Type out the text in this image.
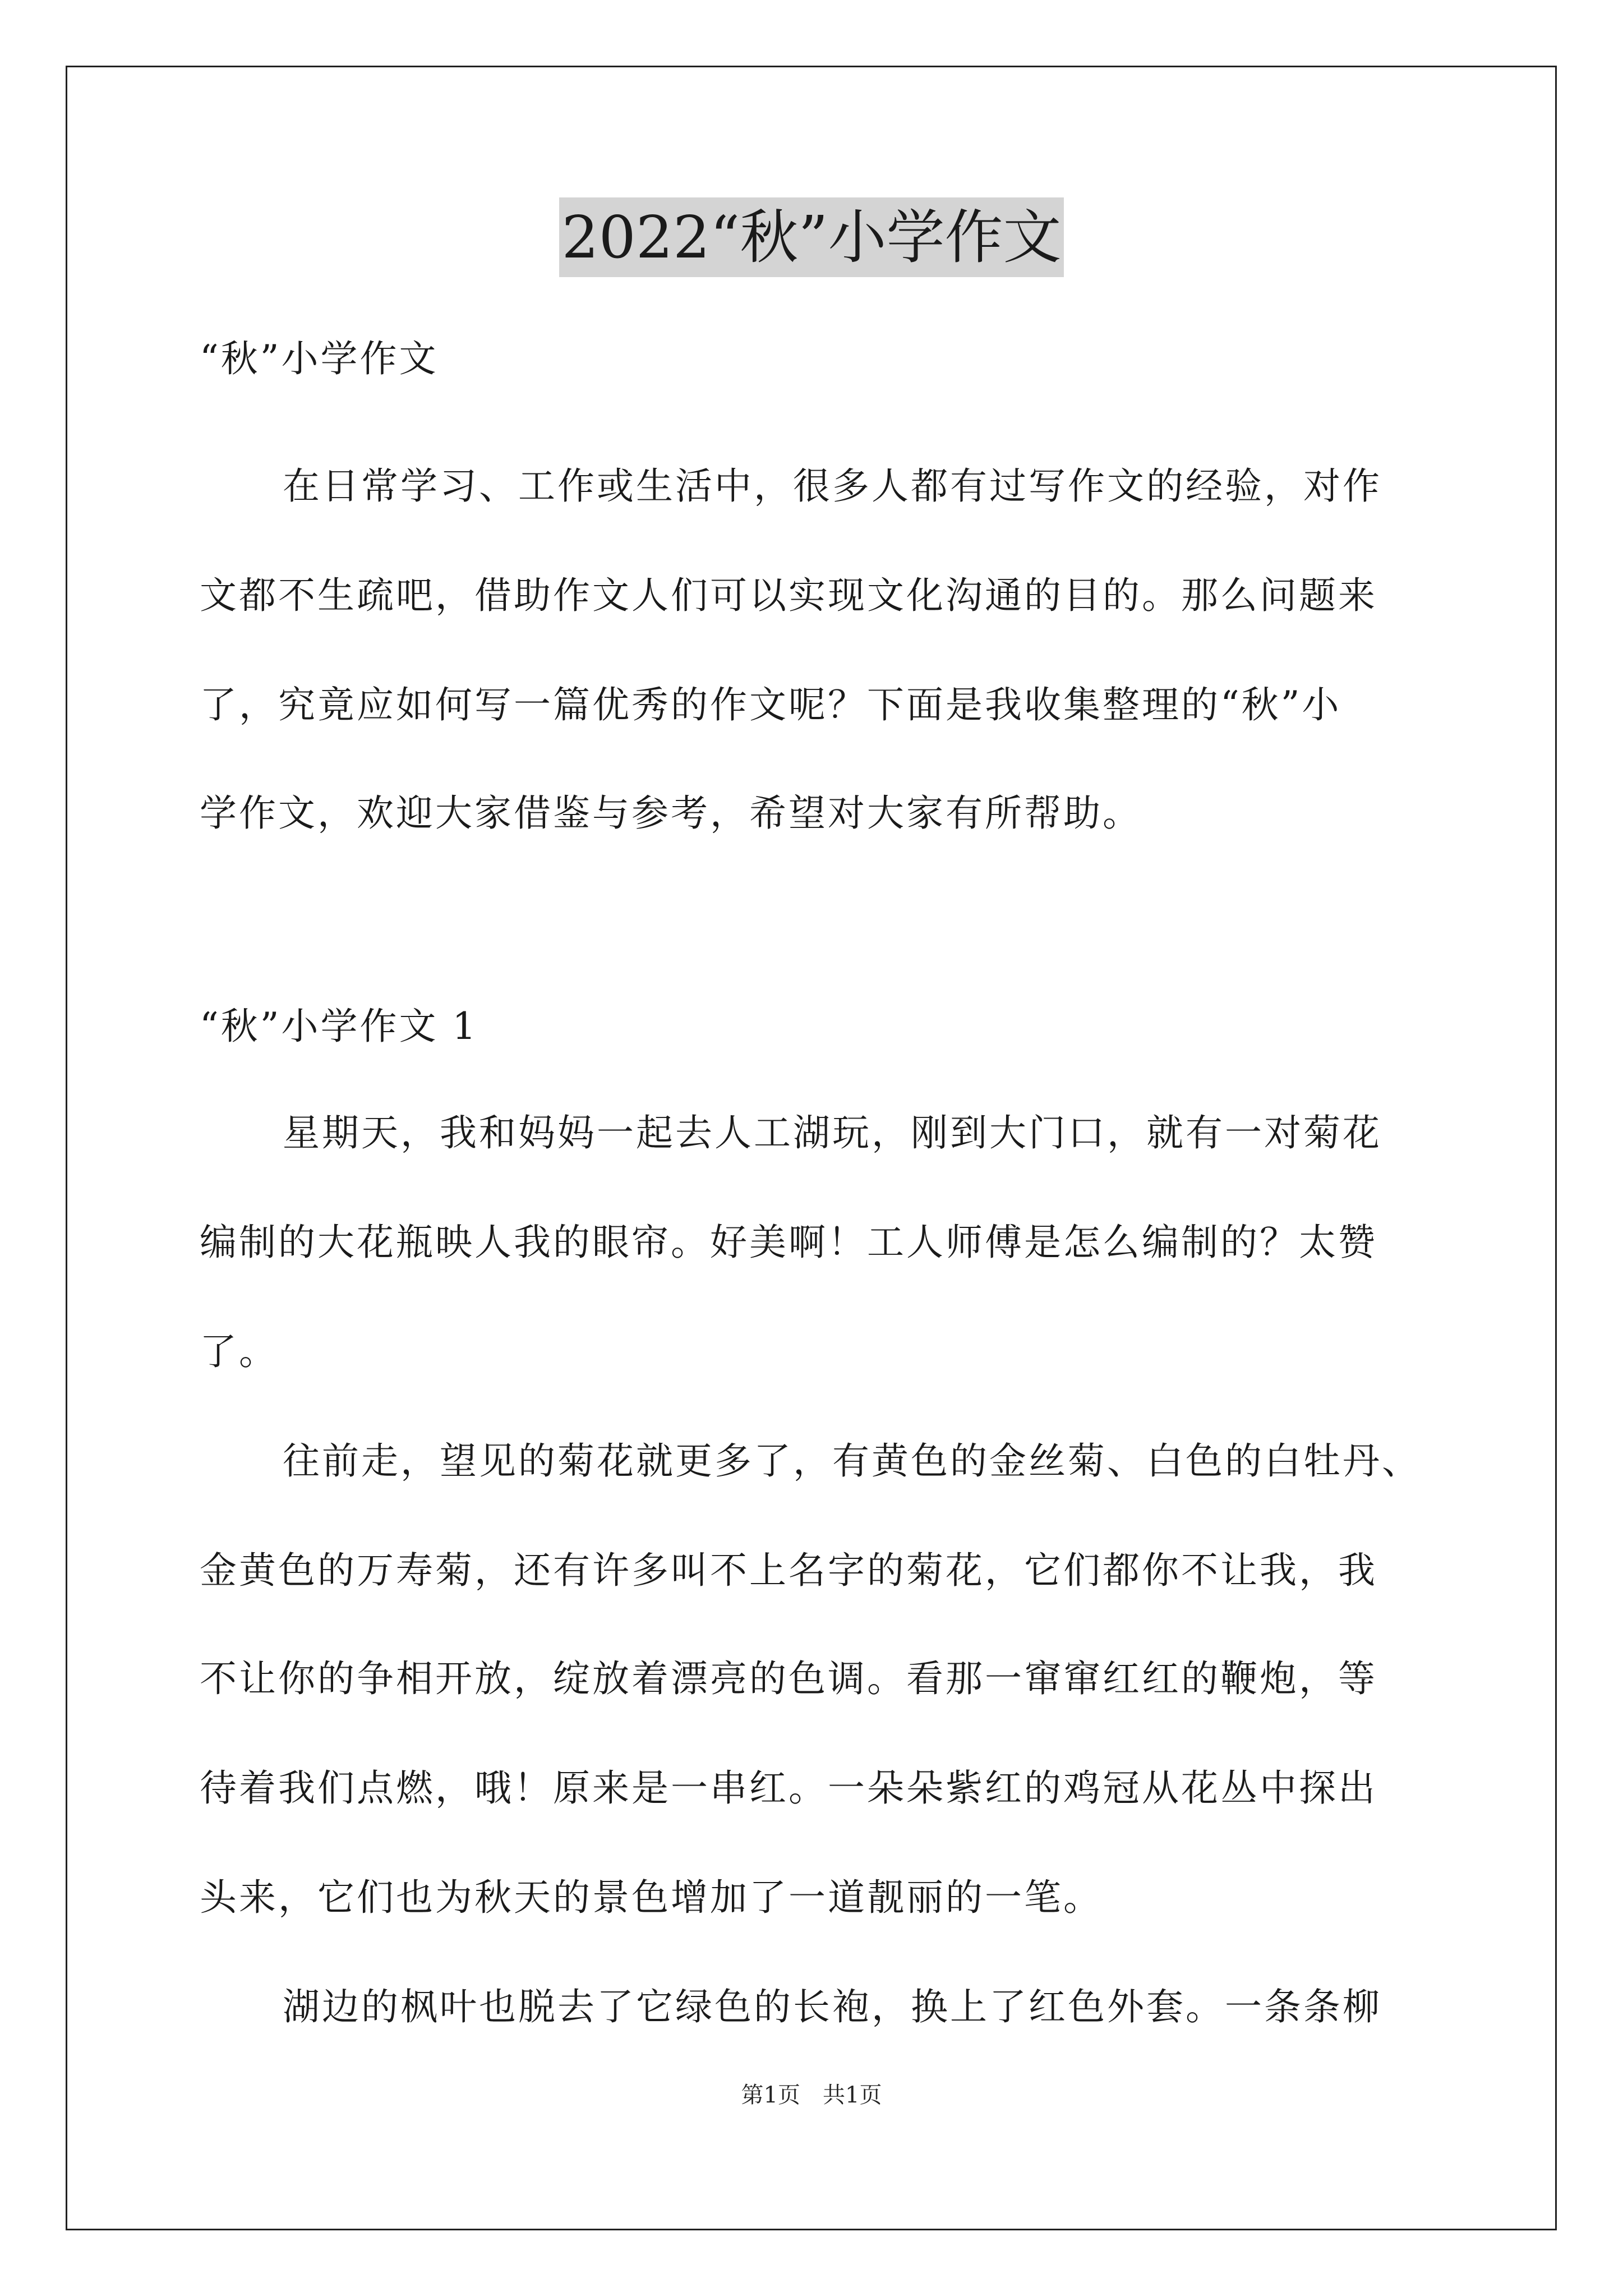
2022“秋”小学作文
“秋”小学作文
在日常学习、工作或生活中，很多人都有过写作文的经验，对作
文都不生疏吧，借助作文人们可以实现文化沟通的目的。那么问题来
了，究竟应如何写一篇优秀的作文呢？下面是我收集整理的“秋”小
学作文，欢迎大家借鉴与参考，希望对大家有所帮助。
“秋”小学作文 1
星期天，我和妈妈一起去人工湖玩，刚到大门口，就有一对菊花
编制的大花瓶映人我的眼帘。好美啊！工人师傅是怎么编制的？太赞
了。
往前走，望见的菊花就更多了，有黄色的金丝菊、白色的白牡丹、
金黄色的万寿菊，还有许多叫不上名字的菊花，它们都你不让我，我
不让你的争相开放，绽放着漂亮的色调。看那一窜窜红红的鞭炮，等
待着我们点燃，哦！原来是一串红。一朵朵紫红的鸡冠从花丛中探出
头来，它们也为秋天的景色增加了一道靓丽的一笔。
湖边的枫叶也脱去了它绿色的长袍，换上了红色外套。一条条柳
第1页　共1页
